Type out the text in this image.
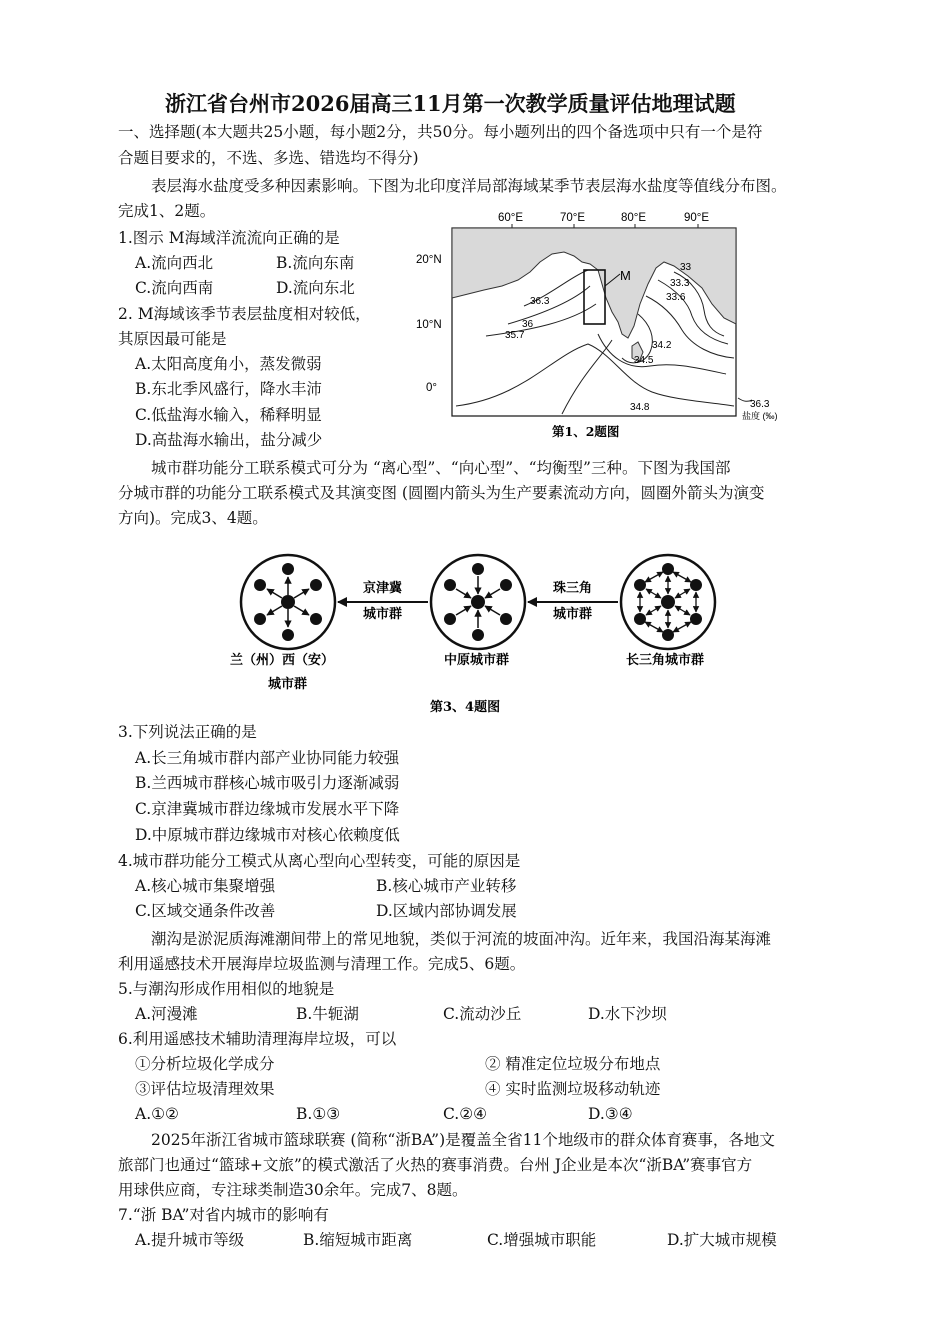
浙江省台州市2026届高三11月第一次教学质量评估地理试题
一、选择题(本大题共25小题，每小题2分，共50分。每小题列出的四个备选项中只有一个是符
合题目要求的，不选、多选、错选均不得分)
表层海水盐度受多种因素影响。下图为北印度洋局部海域某季节表层海水盐度等值线分布图。
完成1、2题。
1.图示 M海域洋流流向正确的是
A.流向西北	B.流向东南
C.流向西南	D.流向东北
2. M海域该季节表层盐度相对较低，
其原因最可能是
A.太阳高度角小，蒸发微弱
B.东北季风盛行，降水丰沛
C.低盐海水输入，稀释明显
D.高盐海水输出，盐分减少
60°E	70°E	80°E	90°E
20°N
10°N
0°
36.3
36
35.7
33
33.3
33.6
34.2
34.5
34.8
M
36.3
盐度 (‰)
第1、2题图
城市群功能分工联系模式可分为 “离心型”、“向心型”、“均衡型”三种。下图为我国部
分城市群的功能分工联系模式及其演变图 (圆圈内箭头为生产要素流动方向，圆圈外箭头为演变
方向)。完成3、4题。
京津冀
城市群
珠三角
城市群
兰（州）西（安）
城市群
中原城市群	长三角城市群
第3、4题图
3.下列说法正确的是
A.长三角城市群内部产业协同能力较强
B.兰西城市群核心城市吸引力逐渐减弱
C.京津冀城市群边缘城市发展水平下降
D.中原城市群边缘城市对核心依赖度低
4.城市群功能分工模式从离心型向心型转变，可能的原因是
A.核心城市集聚增强	B.核心城市产业转移
C.区域交通条件改善	D.区域内部协调发展
潮沟是淤泥质海滩潮间带上的常见地貌，类似于河流的坡面冲沟。近年来，我国沿海某海滩
利用遥感技术开展海岸垃圾监测与清理工作。完成5、6题。
5.与潮沟形成作用相似的地貌是
A.河漫滩	B.牛轭湖	C.流动沙丘	D.水下沙坝
6.利用遥感技术辅助清理海岸垃圾，可以
①分析垃圾化学成分	② 精准定位垃圾分布地点
③评估垃圾清理效果	④ 实时监测垃圾移动轨迹
A.①②	B.①③	C.②④	D.③④
2025年浙江省城市篮球联赛 (简称“浙BA”)是覆盖全省11个地级市的群众体育赛事，各地文
旅部门也通过“篮球+文旅”的模式激活了火热的赛事消费。台州 J企业是本次“浙BA”赛事官方
用球供应商，专注球类制造30余年。完成7、8题。
7.“浙 BA”对省内城市的影响有
A.提升城市等级	B.缩短城市距离	C.增强城市职能	D.扩大城市规模
